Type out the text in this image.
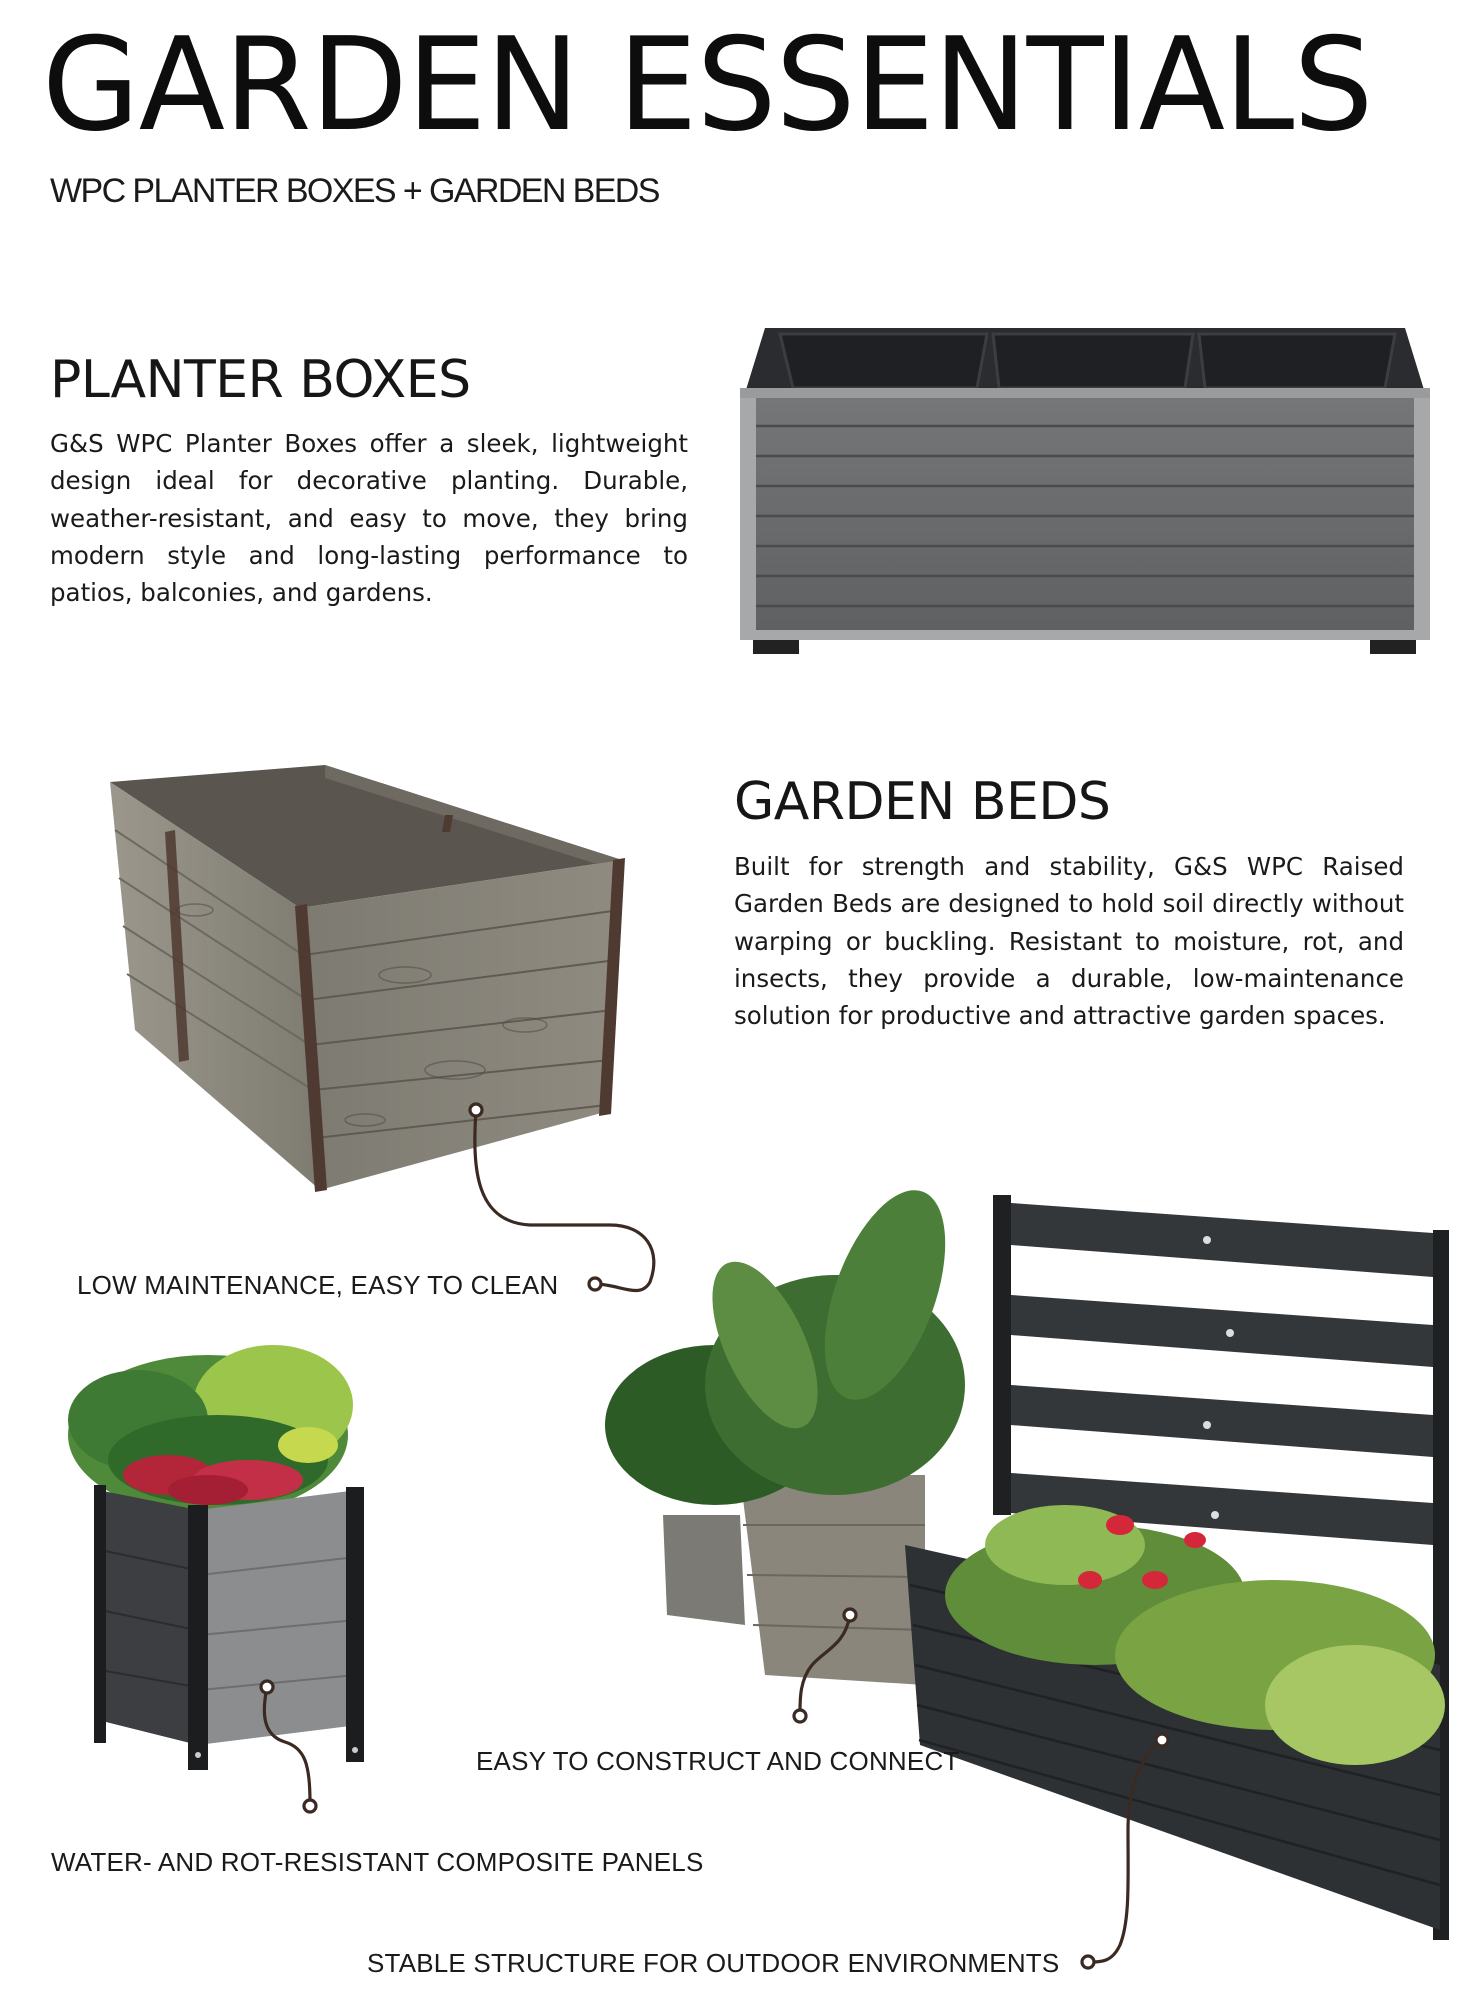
GARDEN ESSENTIALS
WPC PLANTER BOXES + GARDEN BEDS
PLANTER BOXES

G&S WPC Planter Boxes offer a sleek, lightweight design ideal for decorative planting. Durable, weather-resistant, and easy to move, they bring modern style and long-lasting performance to patios, balconies, and gardens.

GARDEN BEDS

Built for strength and stability, G&S WPC Raised Garden Beds are designed to hold soil directly without warping or buckling. Resistant to moisture, rot, and insects, they provide a durable, low-maintenance solution for productive and attractive garden spaces.

LOW MAINTENANCE, EASY TO CLEAN
EASY TO CONSTRUCT AND CONNECT
WATER- AND ROT-RESISTANT COMPOSITE PANELS
STABLE STRUCTURE FOR OUTDOOR ENVIRONMENTS
